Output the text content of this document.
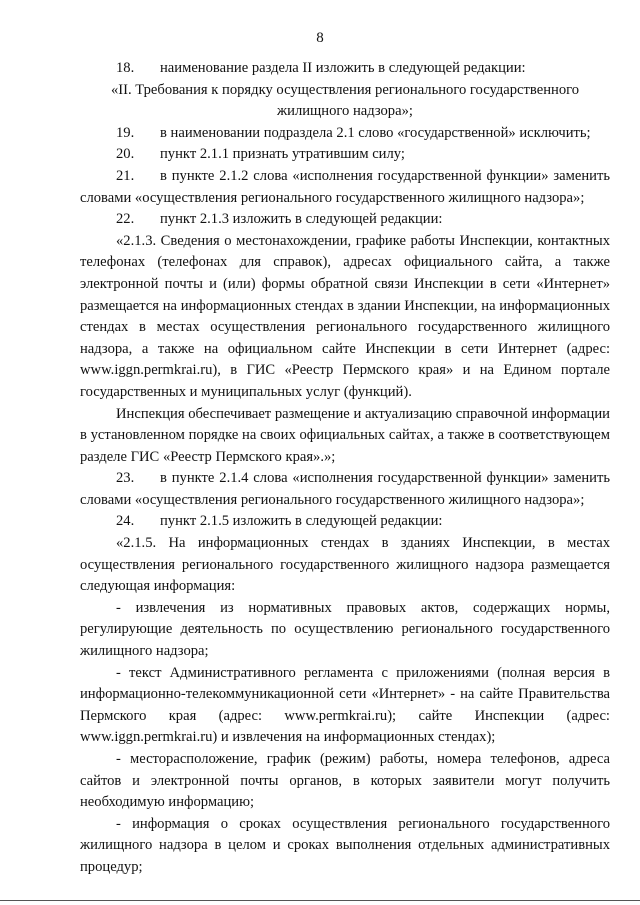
8

18. наименование раздела II изложить в следующей редакции:

«II. Требования к порядку осуществления регионального государственного жилищного надзора»;

19. в наименовании подраздела 2.1 слово «государственной» исключить;

20. пункт 2.1.1 признать утратившим силу;

21. в пункте 2.1.2 слова «исполнения государственной функции» заменить словами «осуществления регионального государственного жилищного надзора»;

22. пункт 2.1.3 изложить в следующей редакции:

«2.1.3. Сведения о местонахождении, графике работы Инспекции, контактных телефонах (телефонах для справок), адресах официального сайта, а также электронной почты и (или) формы обратной связи Инспекции в сети «Интернет» размещается на информационных стендах в здании Инспекции, на информационных стендах в местах осуществления регионального государственного жилищного надзора, а также на официальном сайте Инспекции в сети Интернет (адрес: www.iggn.permkrai.ru), в ГИС «Реестр Пермского края» и на Едином портале государственных и муниципальных услуг (функций).

Инспекция обеспечивает размещение и актуализацию справочной информации в установленном порядке на своих официальных сайтах, а также в соответствующем разделе ГИС «Реестр Пермского края».»;

23. в пункте 2.1.4 слова «исполнения государственной функции» заменить словами «осуществления регионального государственного жилищного надзора»;

24. пункт 2.1.5 изложить в следующей редакции:

«2.1.5. На информационных стендах в зданиях Инспекции, в местах осуществления регионального государственного жилищного надзора размещается следующая информация:

- извлечения из нормативных правовых актов, содержащих нормы, регулирующие деятельность по осуществлению регионального государственного жилищного надзора;

- текст Административного регламента с приложениями (полная версия в информационно-телекоммуникационной сети «Интернет» - на сайте Правительства Пермского края (адрес: www.permkrai.ru); сайте Инспекции (адрес: www.iggn.permkrai.ru) и извлечения на информационных стендах);

- месторасположение, график (режим) работы, номера телефонов, адреса сайтов и электронной почты органов, в которых заявители могут получить необходимую информацию;

- информация о сроках осуществления регионального государственного жилищного надзора в целом и сроках выполнения отдельных административных процедур;
